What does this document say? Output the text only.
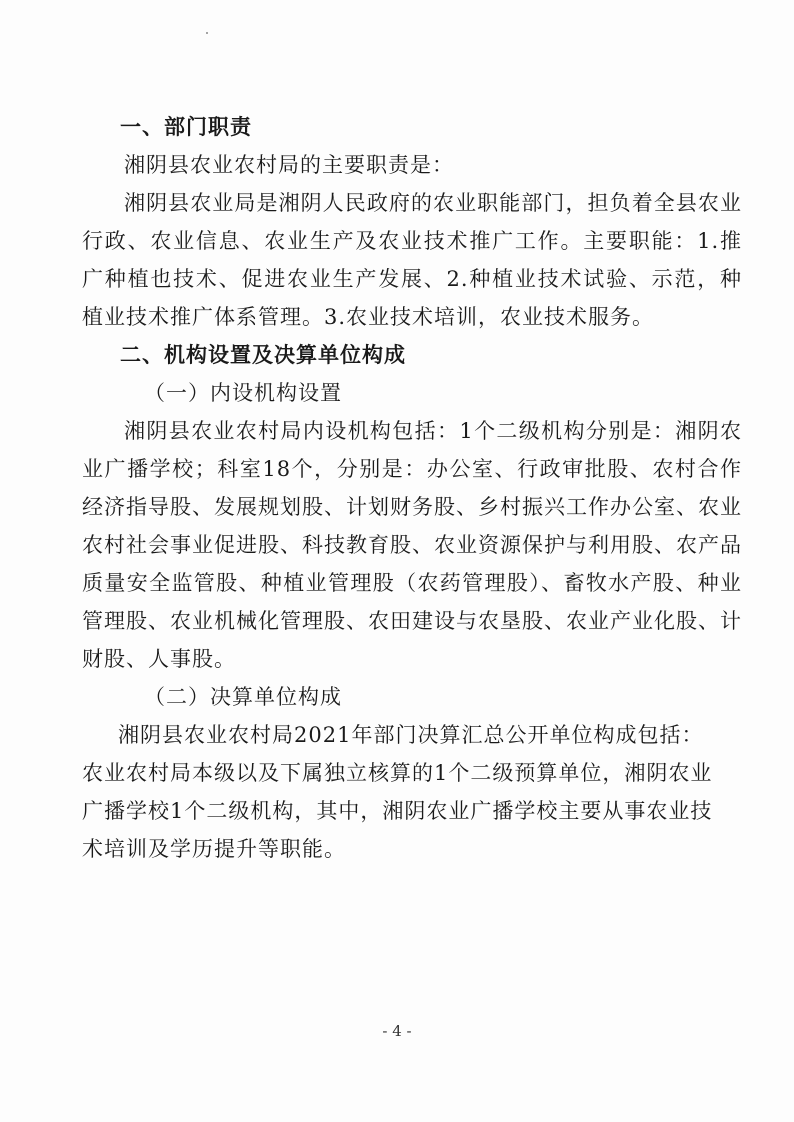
一、部门职责

湘阴县农业农村局的主要职责是：

湘阴县农业局是湘阴人民政府的农业职能部门，担负着全县农业行政、农业信息、农业生产及农业技术推广工作。主要职能：1.推广种植也技术、促进农业生产发展、2.种植业技术试验、示范，种植业技术推广体系管理。3.农业技术培训，农业技术服务。

二、机构设置及决算单位构成
（一）内设机构设置

湘阴县农业农村局内设机构包括：1个二级机构分别是：湘阴农业广播学校；科室18个，分别是：办公室、行政审批股、农村合作经济指导股、发展规划股、计划财务股、乡村振兴工作办公室、农业农村社会事业促进股、科技教育股、农业资源保护与利用股、农产品质量安全监管股、种植业管理股（农药管理股）、畜牧水产股、种业管理股、农业机械化管理股、农田建设与农垦股、农业产业化股、计财股、人事股。

（二）决算单位构成

湘阴县农业农村局2021年部门决算汇总公开单位构成包括：农业农村局本级以及下属独立核算的1个二级预算单位，湘阴农业广播学校1个二级机构，其中，湘阴农业广播学校主要从事农业技术培训及学历提升等职能。

- 4 -
